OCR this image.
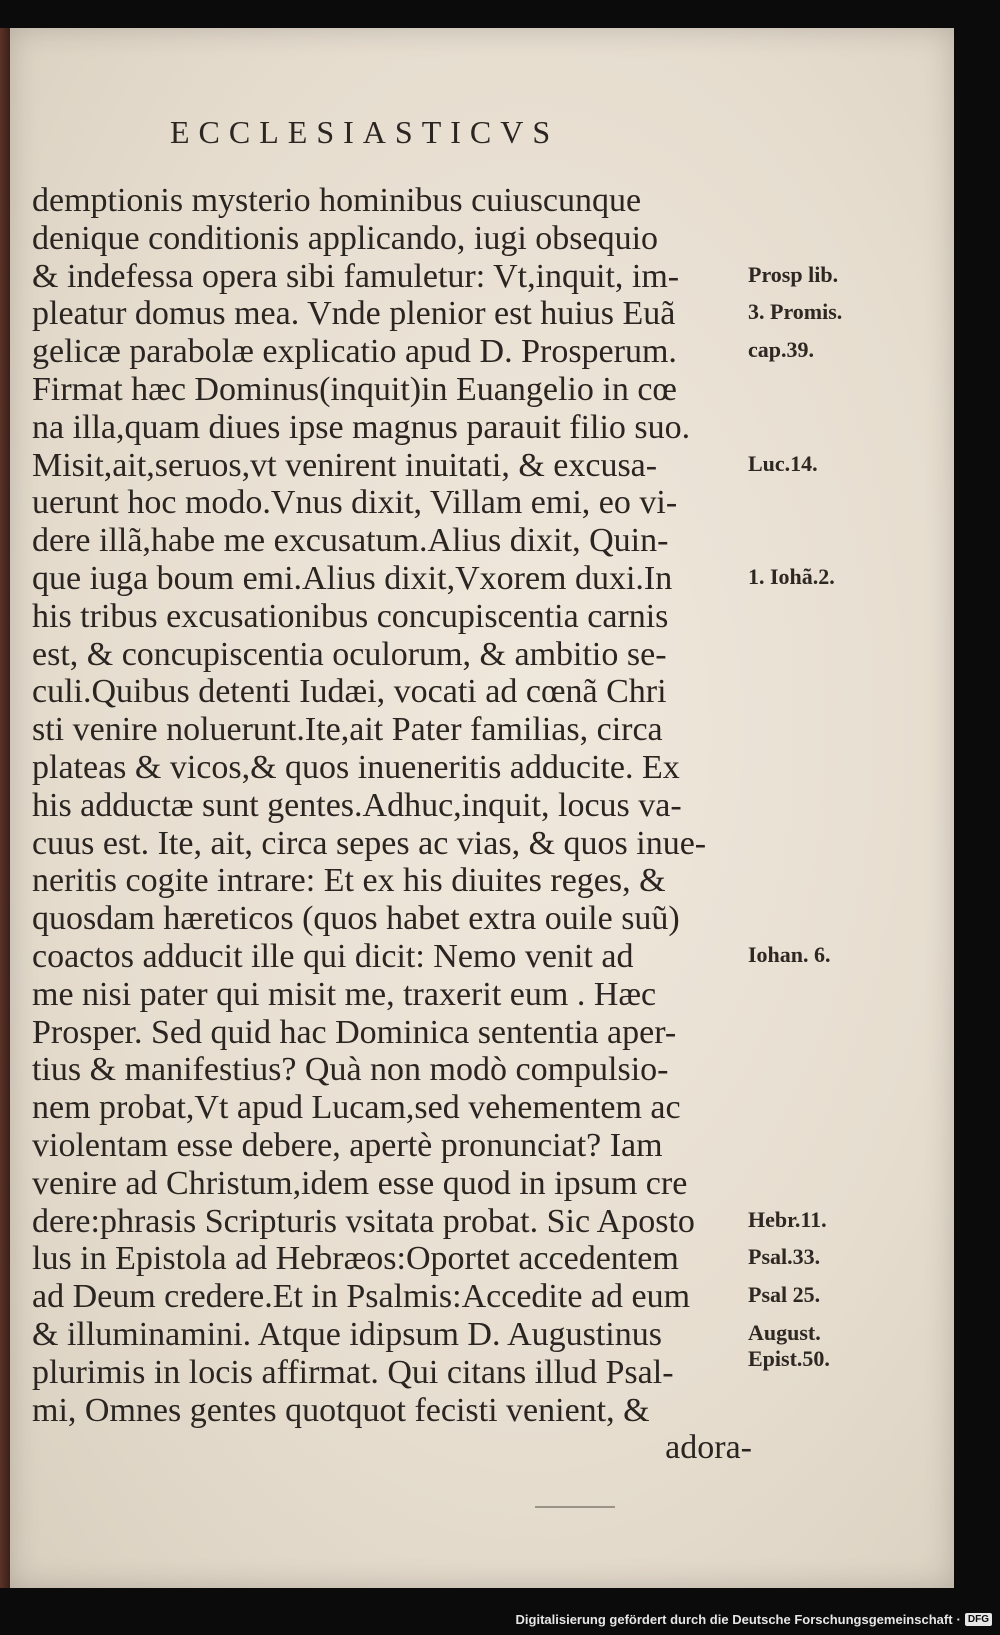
ECCLESIASTICVS
demptionis mysterio hominibus cuiuscunque
denique conditionis applicando, iugi obsequio
& indefessa opera sibi famuletur: Vt,inquit, im-
pleatur domus mea. Vnde plenior est huius Euã
gelicæ parabolæ explicatio apud D. Prosperum.
Firmat hæc Dominus(inquit)in Euangelio in cœ
na illa,quam diues ipse magnus parauit filio suo.
Misit,ait,seruos,vt venirent inuitati, & excusa-
uerunt hoc modo.Vnus dixit, Villam emi, eo vi-
dere illã,habe me excusatum.Alius dixit, Quin-
que iuga boum emi.Alius dixit,Vxorem duxi.In
his tribus excusationibus concupiscentia carnis
est, & concupiscentia oculorum, & ambitio se-
culi.Quibus detenti Iudæi, vocati ad cœnã Chri
sti venire noluerunt.Ite,ait Pater familias, circa
plateas & vicos,& quos inueneritis adducite. Ex
his adductæ sunt gentes.Adhuc,inquit, locus va-
cuus est. Ite, ait, circa sepes ac vias, & quos inue-
neritis cogite intrare: Et ex his diuites reges, &
quosdam hæreticos (quos habet extra ouile suũ)
coactos adducit ille qui dicit: Nemo venit ad
me nisi pater qui misit me, traxerit eum . Hæc
Prosper. Sed quid hac Dominica sententia aper-
tius & manifestius? Quà non modò compulsio-
nem probat,Vt apud Lucam,sed vehementem ac
violentam esse debere, apertè pronunciat? Iam
venire ad Christum,idem esse quod in ipsum cre
dere:phrasis Scripturis vsitata probat. Sic Aposto
lus in Epistola ad Hebræos:Oportet accedentem
ad Deum credere.Et in Psalmis:Accedite ad eum
& illuminamini. Atque idipsum D. Augustinus
plurimis in locis affirmat. Qui citans illud Psal-
mi, Omnes gentes quotquot fecisti venient, &
adora-
Prosp lib.
3. Promis.
cap.39.
Luc.14.
1. Iohã.2.
Iohan. 6.
Hebr.11.
Psal.33.
Psal 25.
August.
Epist.50.
Digitalisierung gefördert durch die Deutsche Forschungsgemeinschaft · DFG
